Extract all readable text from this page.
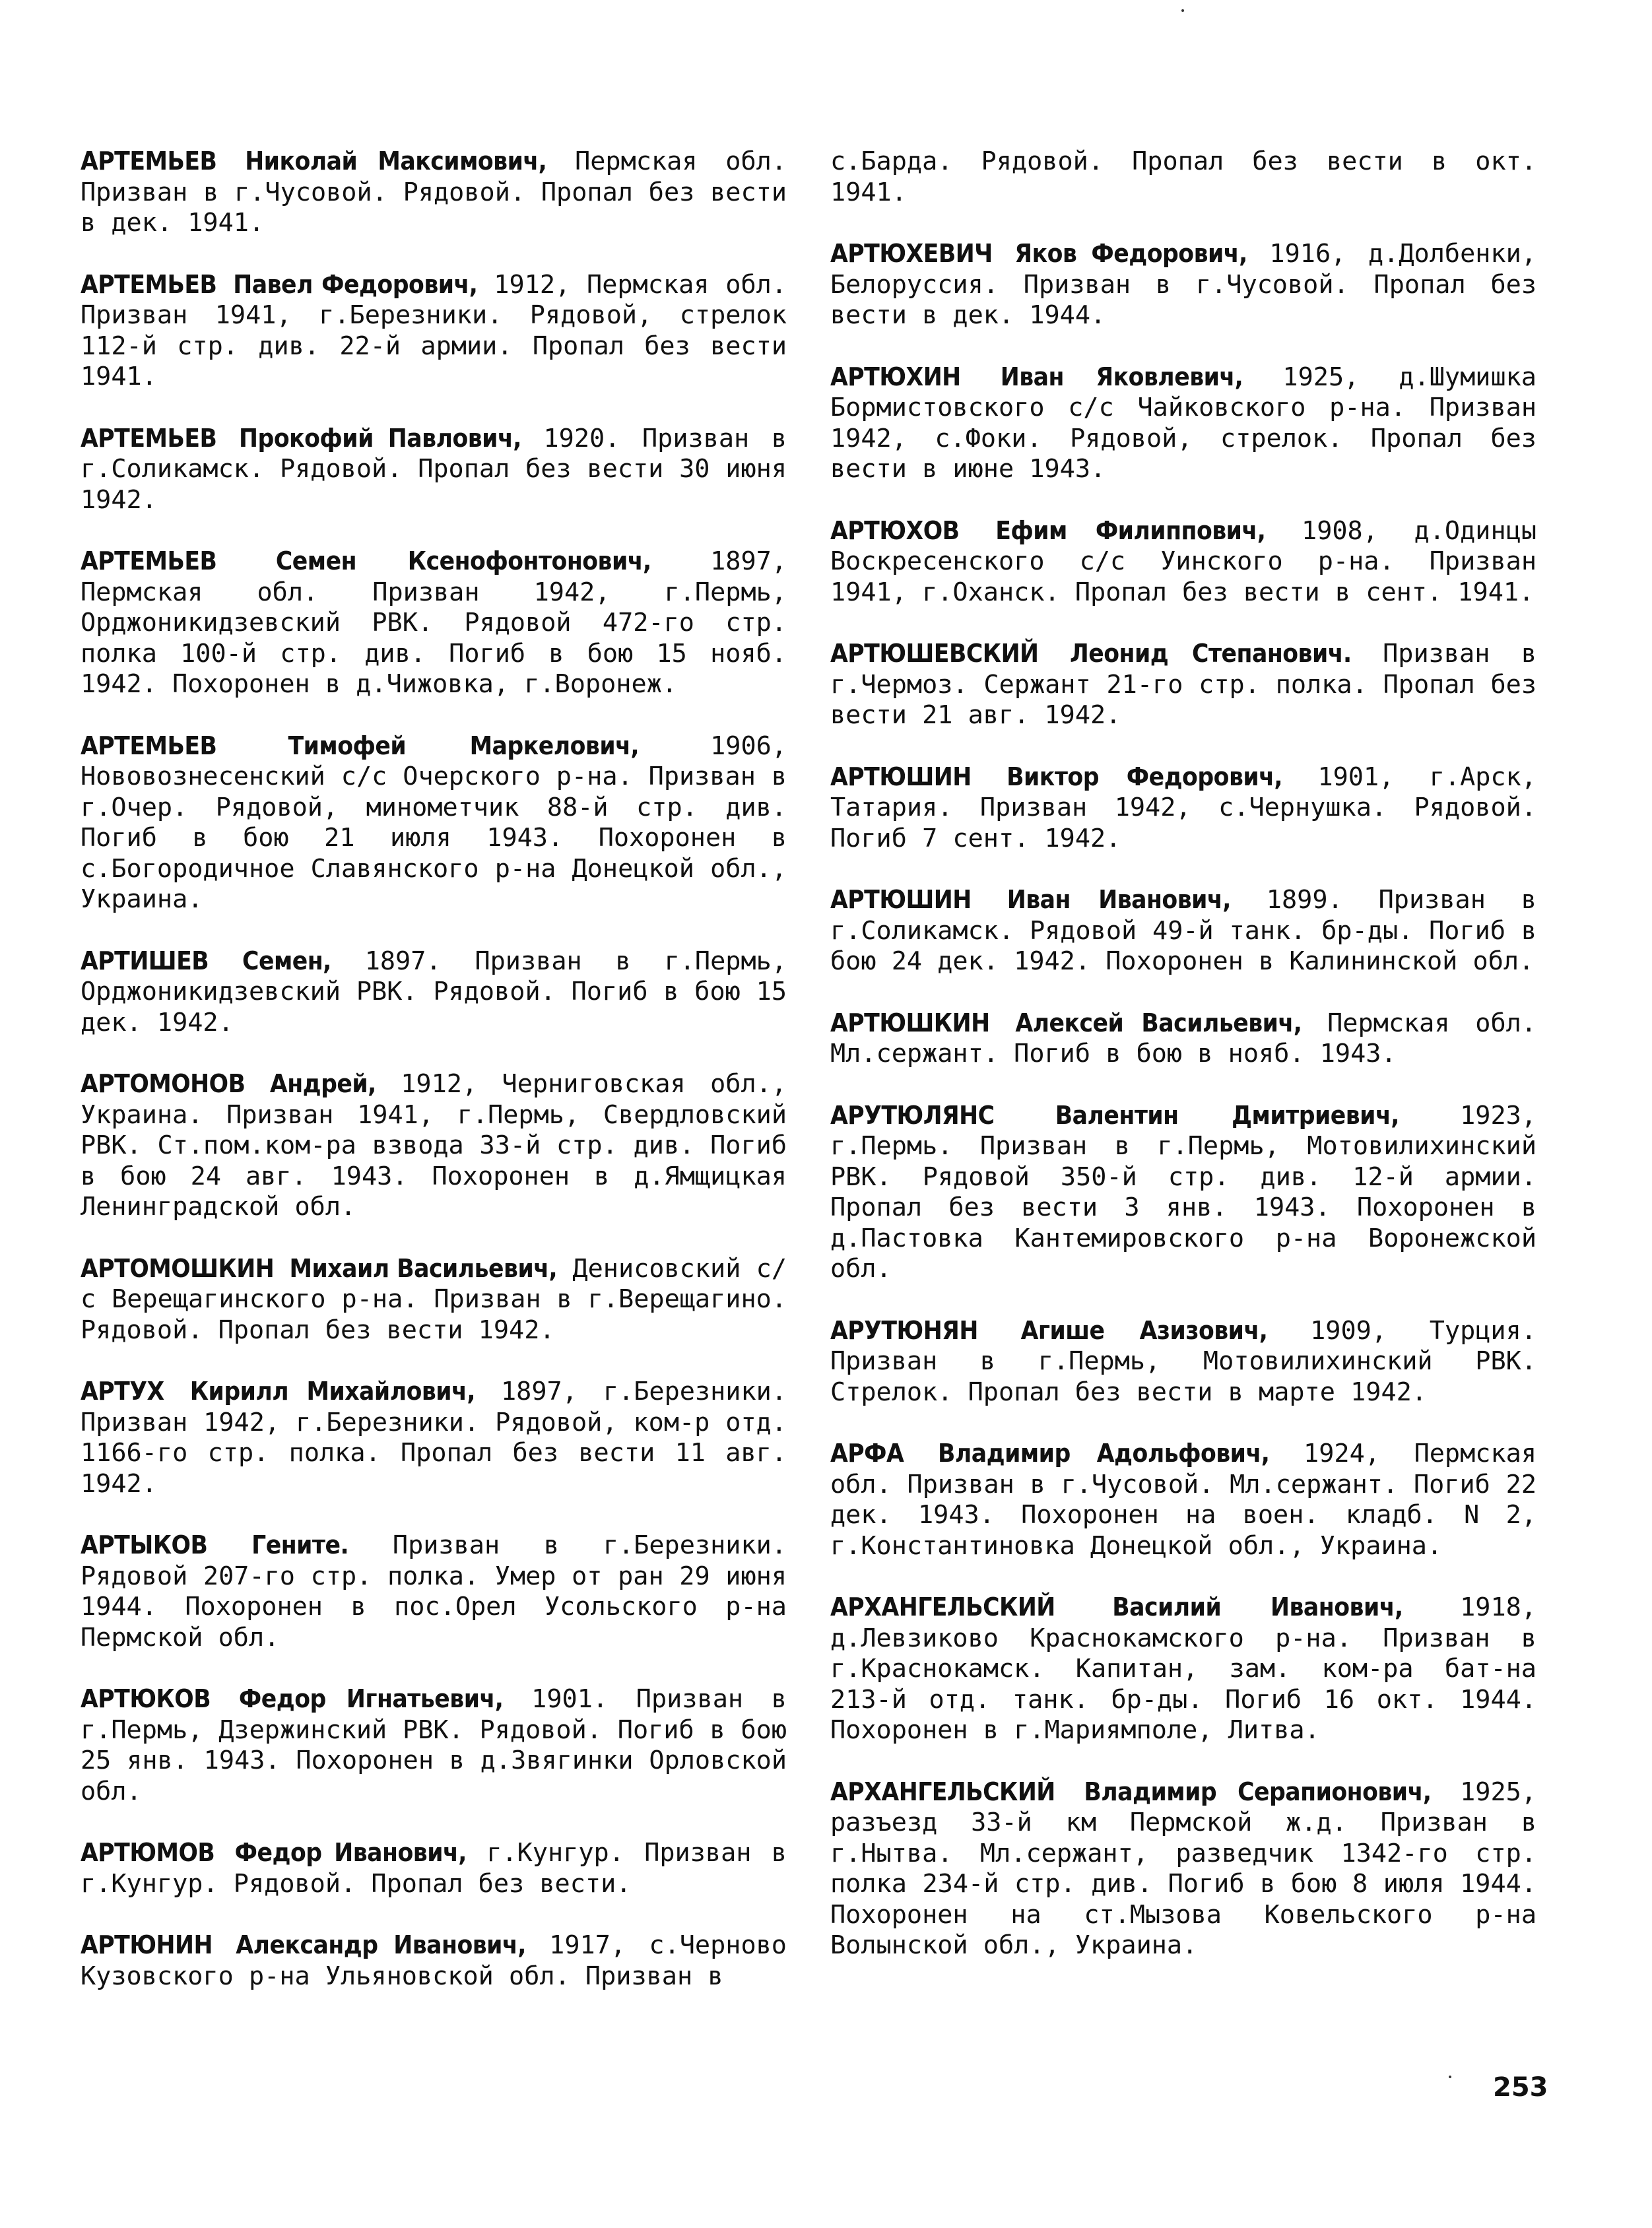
АРТЕМЬЕВ Николай Максимович, Пермская обл. Призван в г.Чусовой. Рядовой. Пропал без вести в дек. 1941.

АРТЕМЬЕВ Павел Федорович, 1912, Пермская обл. Призван 1941, г.Березники. Рядовой, стрелок 112-й стр. див. 22-й армии. Пропал без вести 1941.

АРТЕМЬЕВ Прокофий Павлович, 1920. Призван в г.Соликамск. Рядовой. Пропал без вести 30 июня 1942.

АРТЕМЬЕВ Семен Ксенофонтонович, 1897, Пермская обл. Призван 1942, г.Пермь, Орджоникидзевский РВК. Рядовой 472-го стр. полка 100-й стр. див. Погиб в бою 15 нояб. 1942. Похоронен в д.Чижовка, г.Воронеж.

АРТЕМЬЕВ	Тимофей Маркелович, 1906, Нововознесенский с/с Очерского р-на. Призван в г.Очер. Рядовой, минометчик 88-й стр. див. Погиб в бою 21 июля 1943. Похоронен в с.Богородичное Славянского р-на Донецкой обл., Украина.

АРТИШЕВ Семен, 1897. Призван в г.Пермь, Орджоникидзевский РВК. Рядовой. Погиб в бою 15 дек. 1942.

АРТОМОНОВ Андрей, 1912, Черниговская обл., Украина. Призван 1941, г.Пермь, Свердловский РВК. Ст.пом.ком-ра взвода 33-й стр. див. Погиб в бою 24 авг. 1943. Похоронен в д.Ямщицкая Ленинградской обл.

АРТОМОШКИН Михаил Васильевич, Денисовский с/с Верещагинского р-на. Призван в г.Верещагино. Рядовой. Пропал без вести 1942.

АРТУХ Кирилл Михайлович, 1897, г.Березники. Призван 1942, г.Березники. Рядовой, ком-р отд. 1166-го стр. полка. Пропал без вести 11 авг. 1942.

АРТЫКОВ Гените. Призван в г.Березники. Рядовой 207-го стр. полка. Умер от ран 29 июня 1944. Похоронен в пос.Орел Усольского р-на Пермской обл.

АРТЮКОВ Федор Игнатьевич, 1901. Призван в г.Пермь, Дзержинский РВК. Рядовой. Погиб в бою 25 янв. 1943. Похоронен в д.Звягинки Орловской обл.

АРТЮМОВ Федор Иванович, г.Кунгур. Призван в г.Кунгур. Рядовой. Пропал без вести.

АРТЮНИН Александр Иванович, 1917, с.Черново Кузовского р-на Ульяновской обл. Призван в

с.Барда. Рядовой. Пропал без вести в окт. 1941.

АРТЮХЕВИЧ Яков Федорович, 1916, д.Долбенки, Белоруссия. Призван в г.Чусовой. Пропал без вести в дек. 1944.

АРТЮХИН Иван Яковлевич, 1925, д.Шумишка Бормистовского с/с Чайковского р-на. Призван 1942, с.Фоки. Рядовой, стрелок. Пропал без вести в июне 1943.

АРТЮХОВ Ефим Филиппович, 1908, д.Одинцы Воскресенского с/с Уинского р-на. Призван 1941, г.Оханск. Пропал без вести в сент. 1941.

АРТЮШЕВСКИЙ Леонид Степанович. Призван в г.Чермоз. Сержант 21-го стр. полка. Пропал без вести 21 авг. 1942.

АРТЮШИН Виктор Федорович, 1901, г.Арск, Татария. Призван 1942, с.Чернушка. Рядовой. Погиб 7 сент. 1942.

АРТЮШИН Иван Иванович, 1899. Призван в г.Соликамск. Рядовой 49-й танк. бр-ды. Погиб в бою 24 дек. 1942. Похоронен в Калининской обл.

АРТЮШКИН Алексей Васильевич, Пермская обл. Мл.сержант. Погиб в бою в нояб. 1943.

АРУТЮЛЯНС Валентин Дмитриевич, 1923, г.Пермь. Призван в г.Пермь, Мотовилихинский РВК. Рядовой 350-й стр. див. 12-й армии. Пропал без вести 3 янв. 1943. Похоронен в д.Пастовка Кантемировского р-на Воронежской обл.

АРУТЮНЯН Агише Азизович, 1909, Турция. Призван в г.Пермь, Мотовилихинский РВК. Стрелок. Пропал без вести в марте 1942.

АРФА Владимир Адольфович, 1924, Пермская обл. Призван в г.Чусовой. Мл.сержант. Погиб 22 дек. 1943. Похоронен на воен. кладб. N 2, г.Константиновка Донецкой обл., Украина.

АРХАНГЕЛЬСКИЙ Василий Иванович, 1918, д.Левзиково Краснокамского р-на. Призван в г.Краснокамск. Капитан, зам. ком-ра бат-на 213-й отд. танк. бр-ды. Погиб 16 окт. 1944. Похоронен в г.Мариямполе, Литва.

АРХАНГЕЛЬСКИЙ Владимир Серапионович, 1925, разъезд 33-й км Пермской ж.д. Призван в г.Нытва. Мл.сержант, разведчик 1342-го стр. полка 234-й стр. див. Погиб в бою 8 июля 1944. Похоронен на ст.Мызова Ковельского р-на Волынской обл., Украина.

253
